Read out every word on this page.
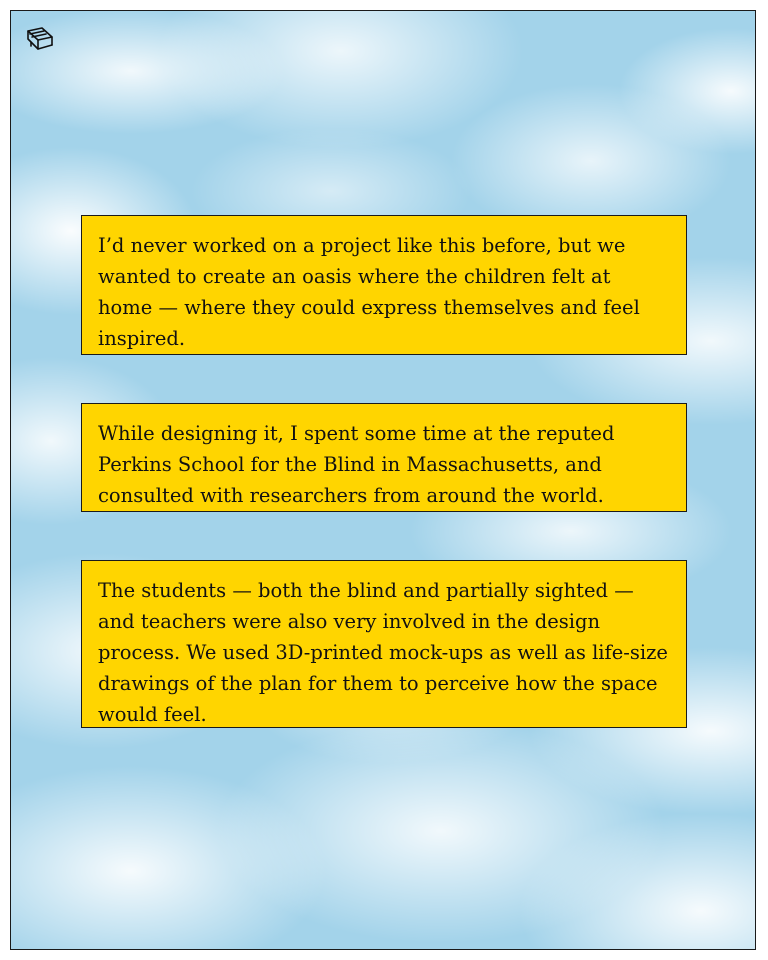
I’d never worked on a project like this before, but we wanted to create an oasis where the children felt at home — where they could express themselves and feel inspired.

While designing it, I spent some time at the reputed Perkins School for the Blind in Massachusetts, and consulted with researchers from around the world.

The students — both the blind and partially sighted — and teachers were also very involved in the design process. We used 3D-printed mock-ups as well as life-size drawings of the plan for them to perceive how the space would feel.
